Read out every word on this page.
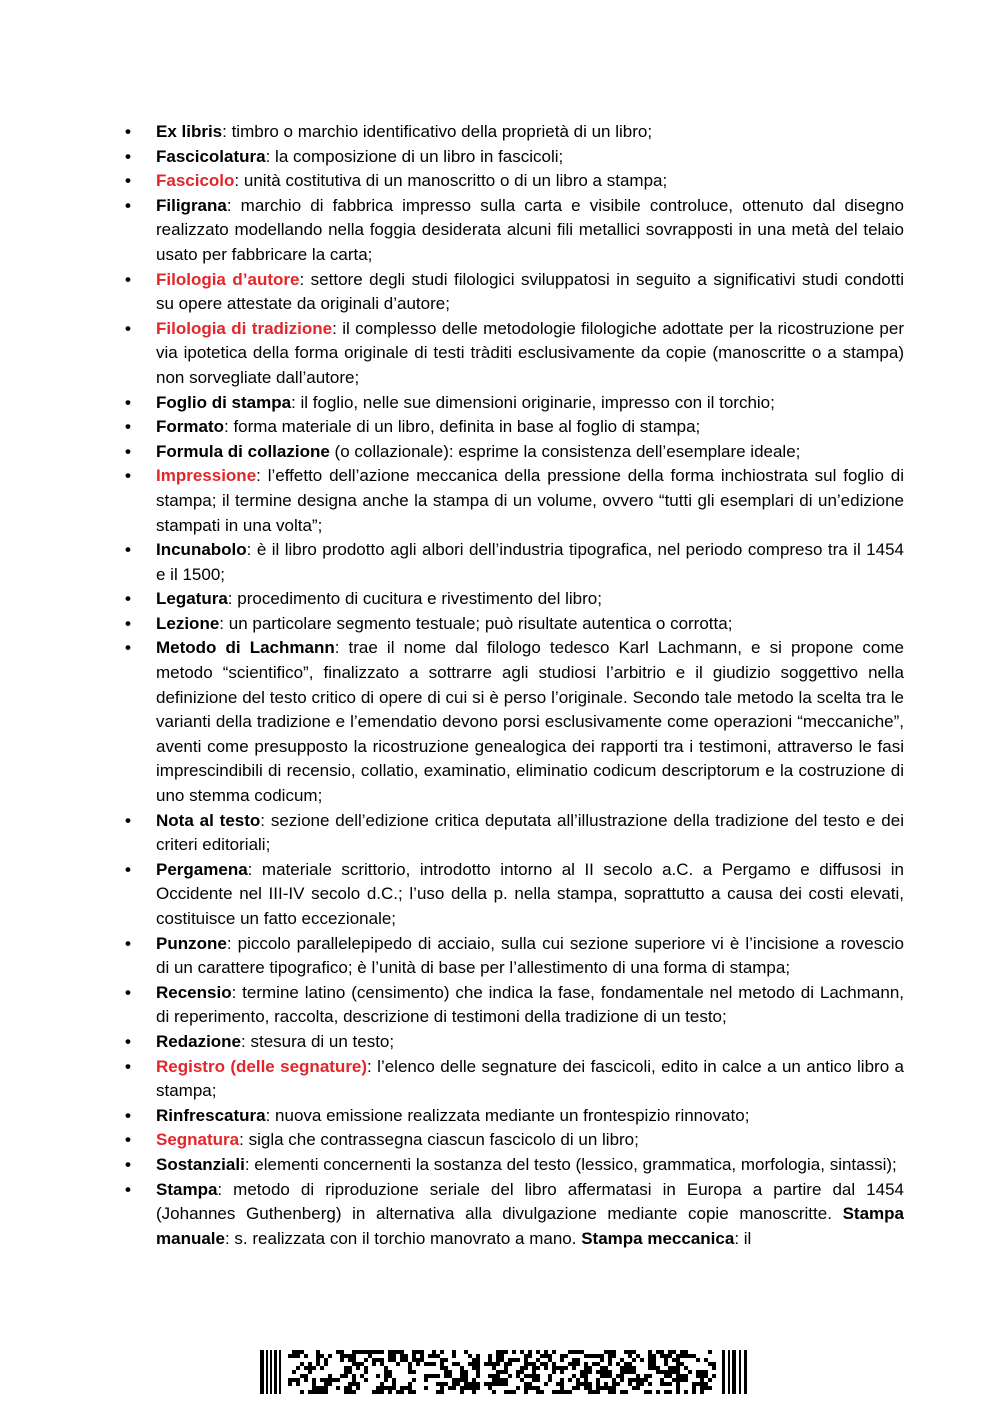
• Ex libris: timbro o marchio identificativo della proprietà di un libro;
• Fascicolatura: la composizione di un libro in fascicoli;
• Fascicolo: unità costitutiva di un manoscritto o di un libro a stampa;
• Filigrana: marchio di fabbrica impresso sulla carta e visibile controluce, ottenuto dal disegno realizzato modellando nella foggia desiderata alcuni fili metallici sovrapposti in una metà del telaio usato per fabbricare la carta;
• Filologia d’autore: settore degli studi filologici sviluppatosi in seguito a significativi studi condotti su opere attestate da originali d’autore;
• Filologia di tradizione: il complesso delle metodologie filologiche adottate per la ricostruzione per via ipotetica della forma originale di testi tràditi esclusivamente da copie (manoscritte o a stampa) non sorvegliate dall’autore;
• Foglio di stampa: il foglio, nelle sue dimensioni originarie, impresso con il torchio;
• Formato: forma materiale di un libro, definita in base al foglio di stampa;
• Formula di collazione (o collazionale): esprime la consistenza dell’esemplare ideale;
• Impressione: l’effetto dell’azione meccanica della pressione della forma inchiostrata sul foglio di stampa; il termine designa anche la stampa di un volume, ovvero “tutti gli esemplari di un’edizione stampati in una volta”;
• Incunabolo: è il libro prodotto agli albori dell’industria tipografica, nel periodo compreso tra il 1454 e il 1500;
• Legatura: procedimento di cucitura e rivestimento del libro;
• Lezione: un particolare segmento testuale; può risultate autentica o corrotta;
• Metodo di Lachmann: trae il nome dal filologo tedesco Karl Lachmann, e si propone come metodo “scientifico”, finalizzato a sottrarre agli studiosi l’arbitrio e il giudizio soggettivo nella definizione del testo critico di opere di cui si è perso l’originale. Secondo tale metodo la scelta tra le varianti della tradizione e l’emendatio devono porsi esclusivamente come operazioni “meccaniche”, aventi come presupposto la ricostruzione genealogica dei rapporti tra i testimoni, attraverso le fasi imprescindibili di recensio, collatio, examinatio, eliminatio codicum descriptorum e la costruzione di uno stemma codicum;
• Nota al testo: sezione dell’edizione critica deputata all’illustrazione della tradizione del testo e dei criteri editoriali;
• Pergamena: materiale scrittorio, introdotto intorno al II secolo a.C. a Pergamo e diffusosi in Occidente nel III-IV secolo d.C.; l’uso della p. nella stampa, soprattutto a causa dei costi elevati, costituisce un fatto eccezionale;
• Punzone: piccolo parallelepipedo di acciaio, sulla cui sezione superiore vi è l’incisione a rovescio di un carattere tipografico; è l’unità di base per l’allestimento di una forma di stampa;
• Recensio: termine latino (censimento) che indica la fase, fondamentale nel metodo di Lachmann, di reperimento, raccolta, descrizione di testimoni della tradizione di un testo;
• Redazione: stesura di un testo;
• Registro (delle segnature): l’elenco delle segnature dei fascicoli, edito in calce a un antico libro a stampa;
• Rinfrescatura: nuova emissione realizzata mediante un frontespizio rinnovato;
• Segnatura: sigla che contrassegna ciascun fascicolo di un libro;
• Sostanziali: elementi concernenti la sostanza del testo (lessico, grammatica, morfologia, sintassi);
• Stampa: metodo di riproduzione seriale del libro affermatasi in Europa a partire dal 1454 (Johannes Guthenberg) in alternativa alla divulgazione mediante copie manoscritte. Stampa manuale: s. realizzata con il torchio manovrato a mano. Stampa meccanica: il
